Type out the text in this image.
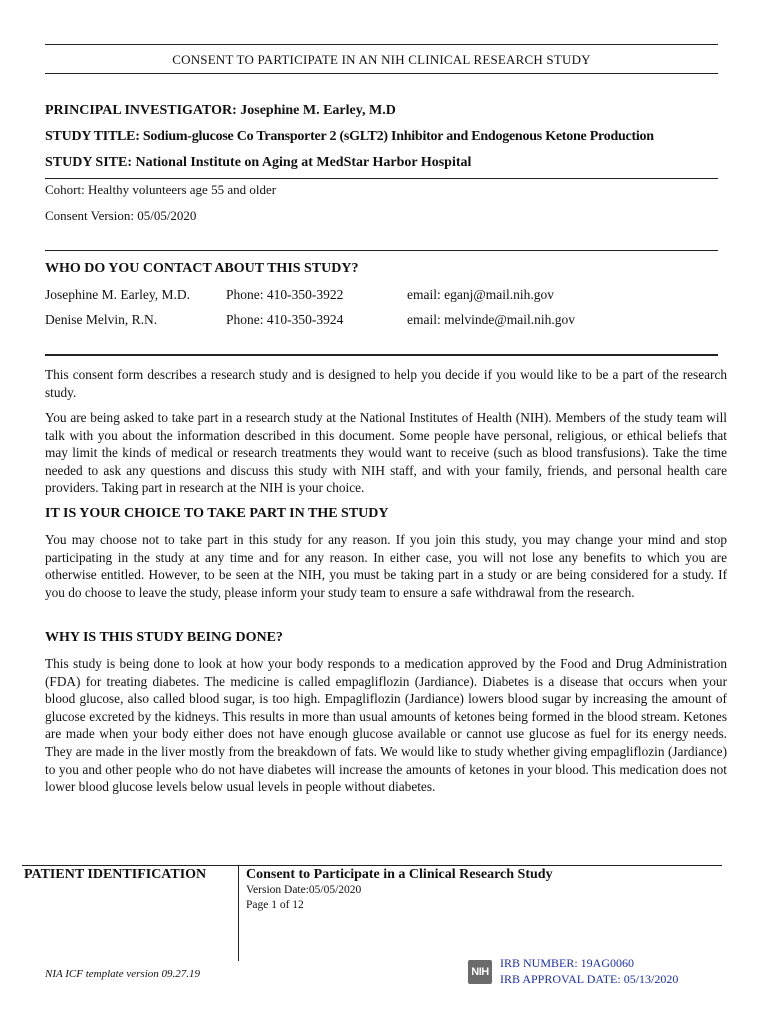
CONSENT TO PARTICIPATE IN AN NIH CLINICAL RESEARCH STUDY
PRINCIPAL INVESTIGATOR: Josephine M. Earley, M.D
STUDY TITLE: Sodium-glucose Co Transporter 2 (sGLT2) Inhibitor and Endogenous Ketone Production
STUDY SITE: National Institute on Aging at MedStar Harbor Hospital
Cohort: Healthy volunteers age 55 and older
Consent Version: 05/05/2020
WHO DO YOU CONTACT ABOUT THIS STUDY?
Josephine M. Earley, M.D.	Phone: 410-350-3922	email: eganj@mail.nih.gov
Denise Melvin, R.N.	Phone: 410-350-3924	email: melvinde@mail.nih.gov
This consent form describes a research study and is designed to help you decide if you would like to be a part of the research study.
You are being asked to take part in a research study at the National Institutes of Health (NIH). Members of the study team will talk with you about the information described in this document. Some people have personal, religious, or ethical beliefs that may limit the kinds of medical or research treatments they would want to receive (such as blood transfusions). Take the time needed to ask any questions and discuss this study with NIH staff, and with your family, friends, and personal health care providers. Taking part in research at the NIH is your choice.
IT IS YOUR CHOICE TO TAKE PART IN THE STUDY
You may choose not to take part in this study for any reason. If you join this study, you may change your mind and stop participating in the study at any time and for any reason. In either case, you will not lose any benefits to which you are otherwise entitled. However, to be seen at the NIH, you must be taking part in a study or are being considered for a study. If you do choose to leave the study, please inform your study team to ensure a safe withdrawal from the research.
WHY IS THIS STUDY BEING DONE?
This study is being done to look at how your body responds to a medication approved by the Food and Drug Administration (FDA) for treating diabetes. The medicine is called empagliflozin (Jardiance). Diabetes is a disease that occurs when your blood glucose, also called blood sugar, is too high. Empagliflozin (Jardiance) lowers blood sugar by increasing the amount of glucose excreted by the kidneys. This results in more than usual amounts of ketones being formed in the blood stream. Ketones are made when your body either does not have enough glucose available or cannot use glucose as fuel for its energy needs. They are made in the liver mostly from the breakdown of fats. We would like to study whether giving empagliflozin (Jardiance) to you and other people who do not have diabetes will increase the amounts of ketones in your blood. This medication does not lower blood glucose levels below usual levels in people without diabetes.
PATIENT IDENTIFICATION	Consent to Participate in a Clinical Research Study
Version Date:05/05/2020
Page 1 of 12
NIA ICF template version 09.27.19	NIH
IRB NUMBER: 19AG0060
IRB APPROVAL DATE: 05/13/2020
